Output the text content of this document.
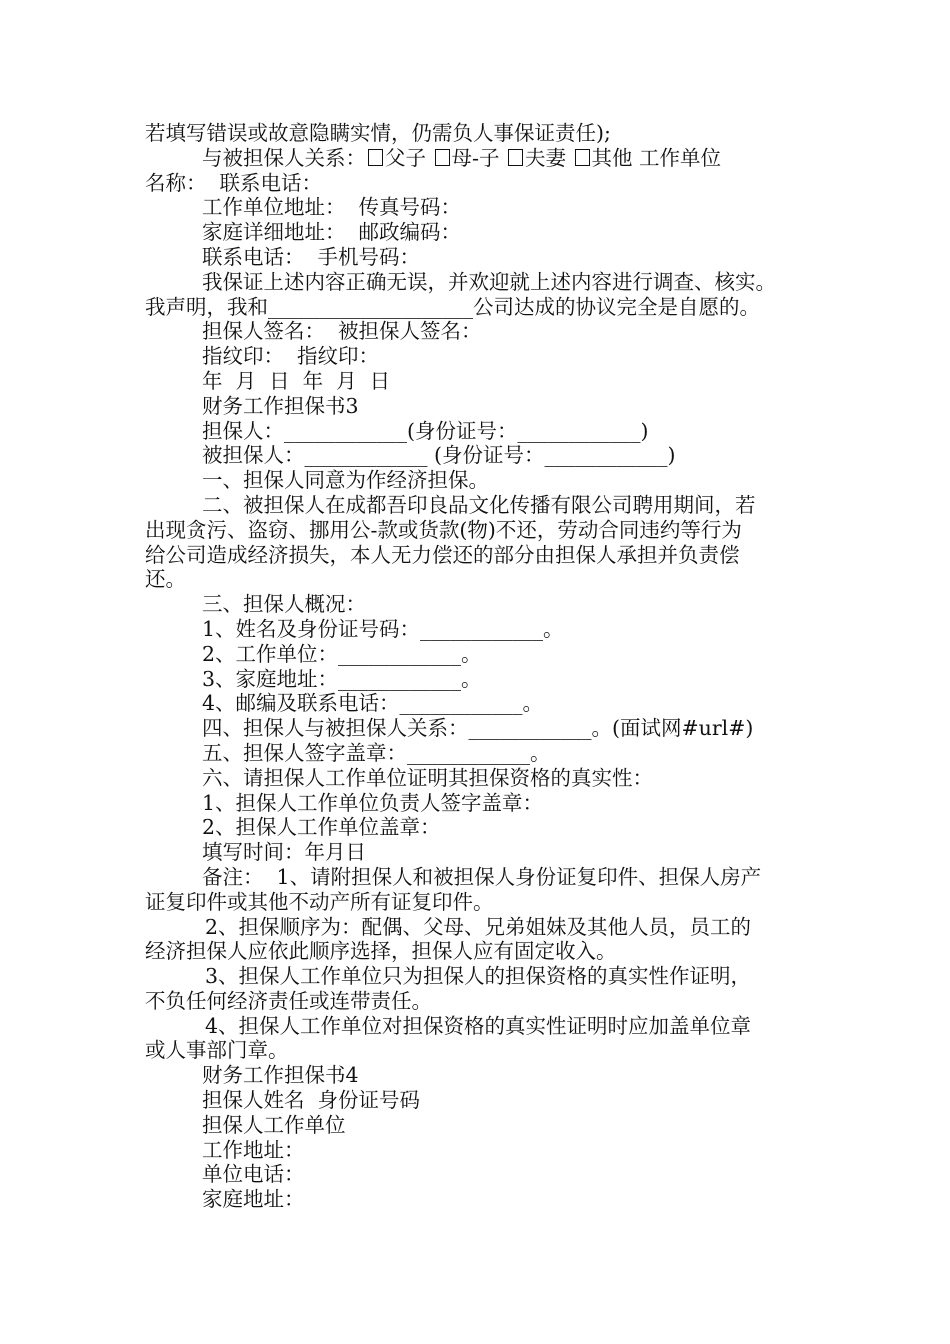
若填写错误或故意隐瞒实情，仍需负人事保证责任);

与被担保人关系： 父子 母-子 夫妻 其他 工作单位

名称：  联系电话：

工作单位地址：  传真号码：

家庭详细地址：  邮政编码：

联系电话：  手机号码：

我保证上述内容正确无误，并欢迎就上述内容进行调查、核实。

我声明，我和____________________公司达成的协议完全是自愿的。

担保人签名：  被担保人签名：

指纹印：  指纹印：

年  月  日  年  月  日

财务工作担保书3

担保人：____________(身份证号：____________)

被担保人：____________ (身份证号：____________)

一、担保人同意为作经济担保。

二、被担保人在成都吾印良品文化传播有限公司聘用期间，若

出现贪污、盗窃、挪用公-款或货款(物)不还，劳动合同违约等行为

给公司造成经济损失，本人无力偿还的部分由担保人承担并负责偿

还。

三、担保人概况：

1、姓名及身份证号码：____________。

2、工作单位：____________。

3、家庭地址：____________。

4、邮编及联系电话：____________。

四、担保人与被担保人关系：____________。(面试网#url#)

五、担保人签字盖章：____________。

六、请担保人工作单位证明其担保资格的真实性：

1、担保人工作单位负责人签字盖章：

2、担保人工作单位盖章：

填写时间：年月日

备注：  1、请附担保人和被担保人身份证复印件、担保人房产

证复印件或其他不动产所有证复印件。

2、担保顺序为：配偶、父母、兄弟姐妹及其他人员，员工的

经济担保人应依此顺序选择，担保人应有固定收入。

3、担保人工作单位只为担保人的担保资格的真实性作证明，

不负任何经济责任或连带责任。

4、担保人工作单位对担保资格的真实性证明时应加盖单位章

或人事部门章。

财务工作担保书4

担保人姓名  身份证号码

担保人工作单位

工作地址：

单位电话：

家庭地址：
